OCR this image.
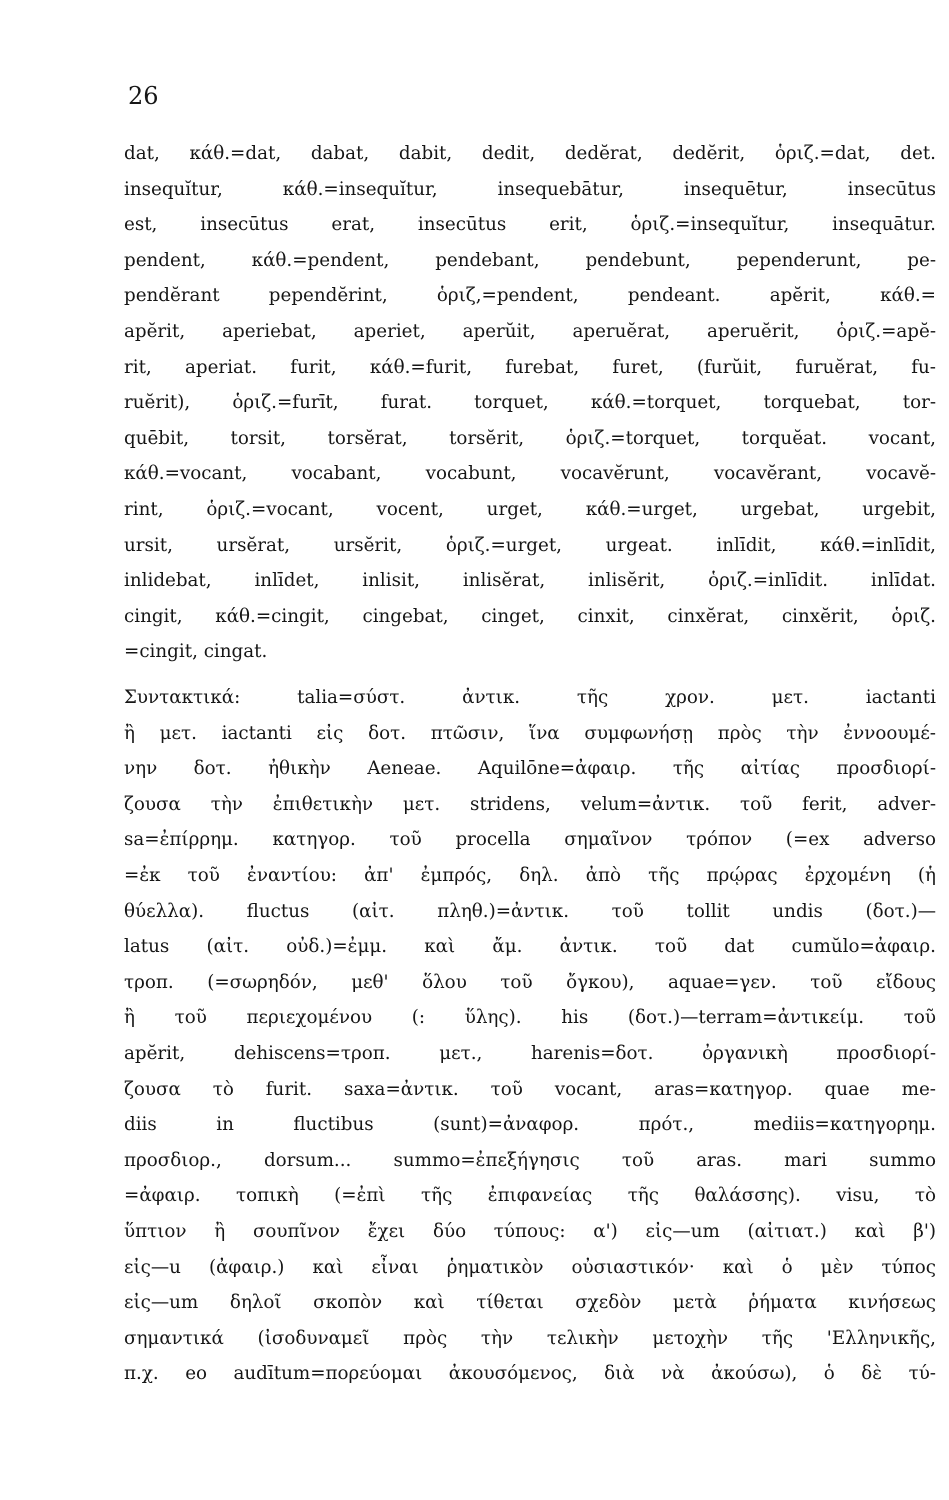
26
dat, κάθ.=dat, dabat, dabit, dedit, dedĕrat, dedĕrit, ὁριζ.=dat, det.
insequĭtur, κάθ.=insequĭtur, insequebātur, insequētur, insecūtus
est, insecūtus erat, insecūtus erit, ὁριζ.=insequĭtur, insequātur.
pendent, κάθ.=pendent, pendebant, pendebunt, pependerunt, pe-
pendĕrant pependĕrint, ὁριζ,=pendent, pendeant. apĕrit, κάθ.=
apĕrit, aperiebat, aperiet, aperŭit, aperuĕrat, aperuĕrit, ὁριζ.=apĕ-
rit, aperiat. furit, κάθ.=furit, furebat, furet, (furŭit, furuĕrat, fu-
ruĕrit), ὁριζ.=furīt, furat. torquet, κάθ.=torquet, torquebat, tor-
quēbit, torsit, torsĕrat, torsĕrit, ὁριζ.=torquet, torquĕat. vocant,
κάθ.=vocant, vocabant, vocabunt, vocavĕrunt, vocavĕrant, vocavĕ-
rint, ὁριζ.=vocant, vocent, urget, κάθ.=urget, urgebat, urgebit,
ursit, ursĕrat, ursĕrit, ὁριζ.=urget, urgeat. inlīdit, κάθ.=inlīdit,
inlidebat, inlīdet, inlisit, inlisĕrat, inlisĕrit, ὁριζ.=inlīdit. inlīdat.
cingit, κάθ.=cingit, cingebat, cinget, cinxit, cinxĕrat, cinxĕrit, ὁριζ.
=cingit, cingat.
Συντακτικά: talia=σύστ. ἀντιк. τῆς χρον. μετ. iactanti
ἢ μετ. iactanti εἰς δοτ. πτῶσιν, ἵνα συμφωνήσῃ πρὸς τὴν ἐννοουμέ-
νην δοτ. ἠθικὴν Aeneae. Aquilōne=ἀφαιρ. τῆς αἰτίας προσδιορί-
ζουσα τὴν ἐπιθετικὴν μετ. stridens, velum=ἀντικ. τοῦ ferit, adver-
sa=ἐπίρρημ. κατηγορ. τοῦ procella σημαῖνον τρόπον (=ex adverso
=ἐκ τοῦ ἐναντίου: ἀπ' ἐμπρός, δηλ. ἀπὸ τῆς πρῴρας ἐρχομένη (ἡ
θύελλα). fluctus (αἰτ. πληθ.)=ἀντικ. τοῦ tollit undis (δοτ.)—
latus (αἰτ. οὐδ.)=ἐμμ. καὶ ἄμ. ἀντικ. τοῦ dat cumŭlo=ἀφαιρ.
τροπ. (=σωρηδόν, μεθ' ὅλου τοῦ ὄγκου), aquae=γεν. τοῦ εἴδους
ἢ τοῦ περιεχομένου (: ὕλης). his (δοτ.)—terram=ἀντικείμ. τοῦ
apĕrit, dehiscens=τροπ. μετ., harenis=δοτ. ὀργανικὴ προσδιορί-
ζουσα τὸ furit. saxa=ἀντικ. τοῦ vocant, aras=κατηγορ. quae me-
diis in fluctibus (sunt)=ἀναφορ. πρότ., mediis=κατηγορημ.
προσδιορ., dorsum... summo=ἐπεξήγησις τοῦ aras. mari summo
=ἀφαιρ. τοπικὴ (=ἐπὶ τῆς ἐπιφανείας τῆς θαλάσσης). visu, τὸ
ὕπτιον ἢ σουπῖνον ἔχει δύο τύπους: α') εἰς—um (αἰτιατ.) καὶ β')
εἰς—u (ἀφαιρ.) καὶ εἶναι ῥηματικὸν οὐσιαστικόν· καὶ ὁ μὲν τύπος
εἰς—um δηλοῖ σκοπὸν καὶ τίθεται σχεδὸν μετὰ ῥήματα κινήσεως
σημαντικά (ἰσοδυναμεῖ πρὸς τὴν τελικὴν μετοχὴν τῆς 'Ελληνικῆς,
π.χ. eo audītum=πορεύομαι ἀκουσόμενος, διὰ νὰ ἀκούσω), ὁ δὲ τύ-
